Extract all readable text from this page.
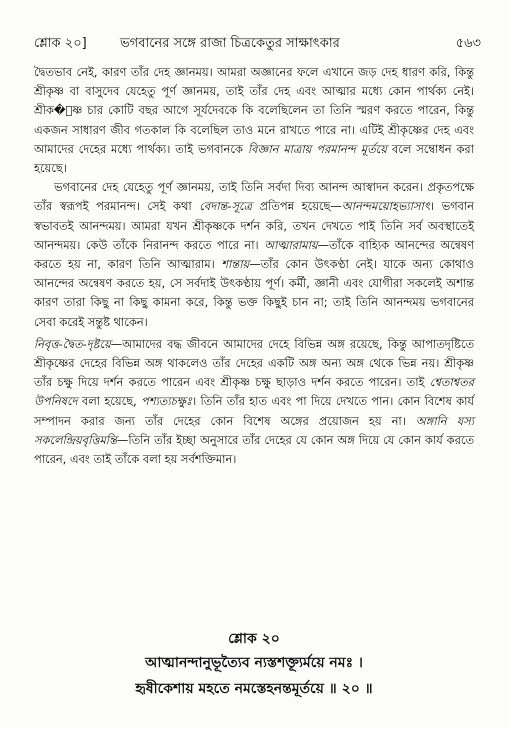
শ্লোক ২০]	ভগবানের সঙ্গে রাজা চিত্রকেতুর সাক্ষাৎকার	৫৬৩

দ্বৈতভাব নেই, কারণ তাঁর দেহ জ্ঞানময়। আমরা অজ্ঞানের ফলে এখানে জড় দেহ ধারণ করি, কিন্তু শ্রীকৃষ্ণ বা বাসুদেব যেহেতু পূর্ণ জ্ঞানময়, তাই তাঁর দেহ এবং আত্মার মধ্যে কোন পার্থক্য নেই। শ্রীক�ৃষ্ণ চার কোটি বছর আগে সূর্যদেবকে কি বলেছিলেন তা তিনি স্মরণ করতে পারেন, কিন্তু একজন সাধারণ জীব গতকাল কি বলেছিল তাও মনে রাখতে পারে না। এটিই শ্রীকৃষ্ণের দেহ এবং আমাদের দেহের মধ্যে পার্থক্য। তাই ভগবানকে বিজ্ঞান মাত্রায় পরমানন্দ মূর্তয়ে বলে সম্বোধন করা হয়েছে।

ভগবানের দেহ যেহেতু পূর্ণ জ্ঞানময়, তাই তিনি সর্বদা দিব্য আনন্দ আস্বাদন করেন। প্রকৃতপক্ষে তাঁর স্বরূপই পরমানন্দ। সেই কথা বেদান্ত-সূত্রে প্রতিপন্ন হয়েছে—আনন্দময়োহভ্যাসাৎ। ভগবান স্বভাবতই আনন্দময়। আমরা যখন শ্রীকৃষ্ণকে দর্শন করি, তখন দেখতে পাই তিনি সর্ব অবস্থাতেই আনন্দময়। কেউ তাঁকে নিরানন্দ করতে পারে না। আত্মারামায়—তাঁকে বাহ্যিক আনন্দের অন্বেষণ করতে হয় না, কারণ তিনি আত্মারাম। শান্তায়—তাঁর কোন উৎকণ্ঠা নেই। যাকে অন্য কোথাও আনন্দের অন্বেষণ করতে হয়, সে সর্বদাই উৎকণ্ঠায় পূর্ণ। কর্মী, জ্ঞানী এবং যোগীরা সকলেই অশান্ত কারণ তারা কিছু না কিছু কামনা করে, কিন্তু ভক্ত কিছুই চান না; তাই তিনি আনন্দময় ভগবানের সেবা করেই সন্তুষ্ট থাকেন।

নিবৃত্ত-দ্বৈত-দৃষ্টয়ে—আমাদের বদ্ধ জীবনে আমাদের দেহে বিভিন্ন অঙ্গ রয়েছে, কিন্তু আপাতদৃষ্টিতে শ্রীকৃষ্ণের দেহের বিভিন্ন অঙ্গ থাকলেও তাঁর দেহের একটি অঙ্গ অন্য অঙ্গ থেকে ভিন্ন নয়। শ্রীকৃষ্ণ তাঁর চক্ষু দিয়ে দর্শন করতে পারেন এবং শ্রীকৃষ্ণ চক্ষু ছাড়াও দর্শন করতে পারেন। তাই শ্বেতাশ্বতর উপনিষদে বলা হয়েছে, পশ্যত্যচক্ষুঃ। তিনি তাঁর হাত এবং পা দিয়ে দেখতে পান। কোন বিশেষ কার্য সম্পাদন করার জন্য তাঁর দেহের কোন বিশেষ অঙ্গের প্রয়োজন হয় না। অঙ্গানি যস্য সকলেন্দ্রিয়বৃত্তিমন্তি—তিনি তাঁর ইচ্ছা অনুসারে তাঁর দেহের যে কোন অঙ্গ দিয়ে যে কোন কার্য করতে পারেন, এবং তাই তাঁকে বলা হয় সর্বশক্তিমান।

শ্লোক ২০
আত্মানন্দানুভূত্যৈব ন্যস্তশক্ত্যূর্ময়ে নমঃ ।
হৃষীকেশায় মহতে নমস্তেহনন্তমূর্তয়ে ॥ ২০ ॥
